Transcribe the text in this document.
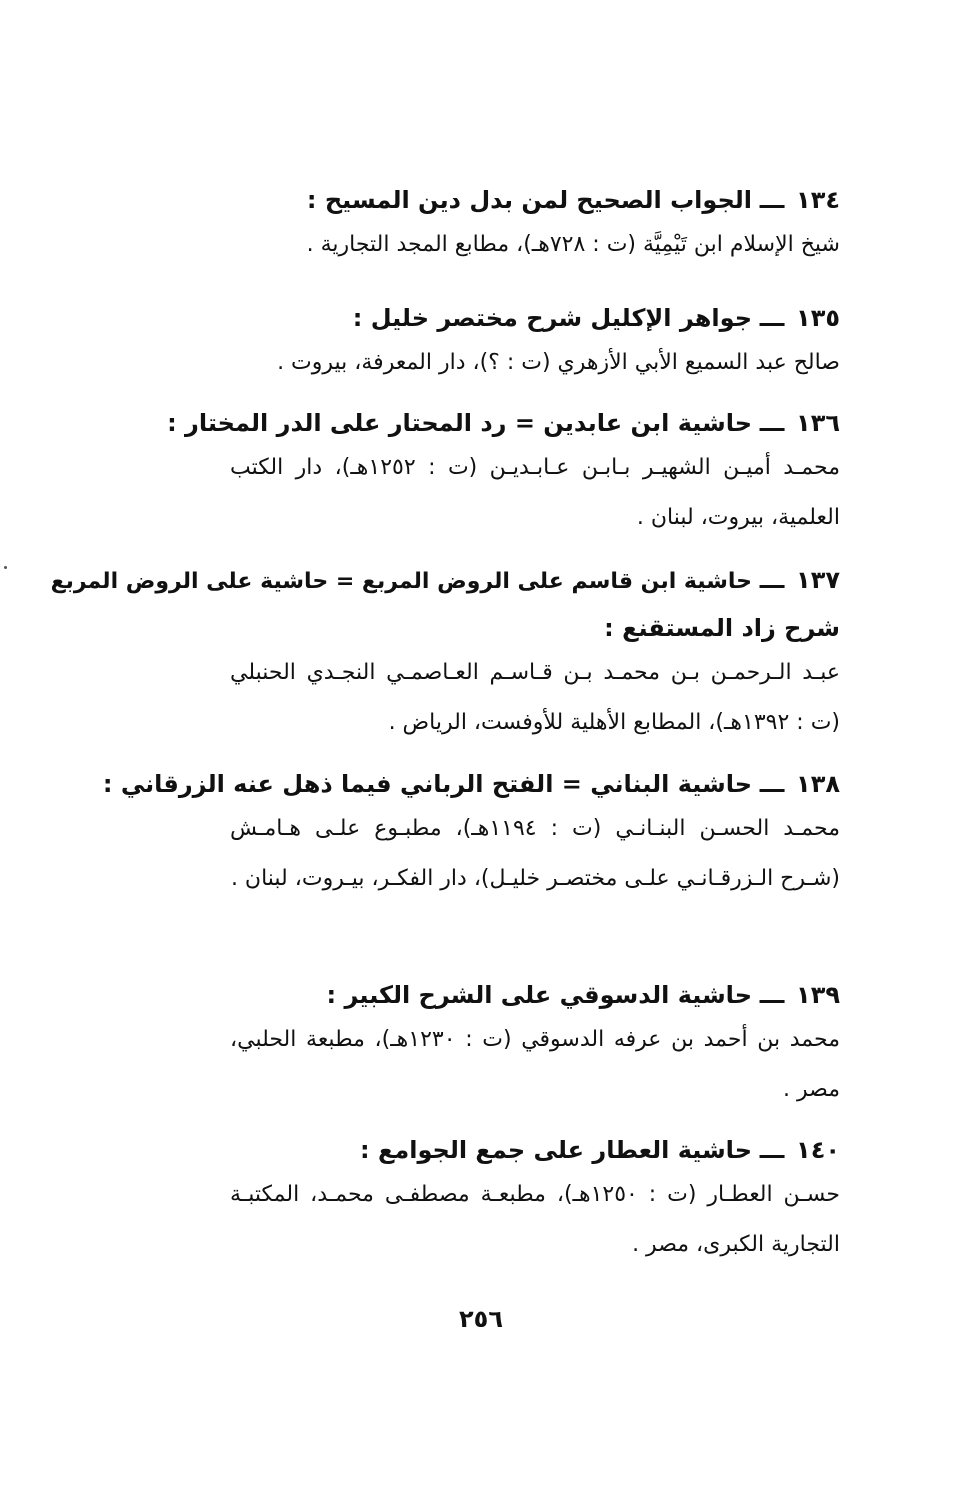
١٣٤
ـــ
الجواب الصحيح لمن بدل دين المسيح :
شيخ الإسلام ابن تَيْمِيَّة (ت : ٧٢٨هـ)، مطابع المجد التجارية .
١٣٥
ـــ
جواهر الإكليل شرح مختصر خليل :
صالح عبد السميع الأبي الأزهري (ت : ؟)، دار المعرفة، بيروت .
١٣٦
ـــ
حاشية ابن عابدين = رد المحتار على الدر المختار :
محمـد أميـن الشهيـر بـابـن عـابـديـن (ت : ١٢٥٢هـ)، دار الكتب العلمية، بيروت، لبنان .
١٣٧
ـــ
حاشية ابن قاسم على الروض المربع = حاشية على الروض المربع
شرح زاد المستقنع :
عبـد الـرحمـن بـن محمـد بـن قـاسـم العـاصمـي النجـدي الحنبلي (ت : ١٣٩٢هـ)، المطابع الأهلية للأوفست، الرياض .
١٣٨
ـــ
حاشية البناني = الفتح الرباني فيما ذهل عنه الزرقاني :
محمـد الحسـن البنـانـي (ت : ١١٩٤هـ)، مطبـوع علـى هـامـش (شـرح الـزرقـانـي علـى مختصـر خليـل)، دار الفكـر، بيـروت، لبنان .
١٣٩
ـــ
حاشية الدسوقي على الشرح الكبير :
محمد بن أحمد بن عرفه الدسوقي (ت : ١٢٣٠هـ)، مطبعة الحلبي، مصر .
١٤٠
ـــ
حاشية العطار على جمع الجوامع :
حسـن العطـار (ت : ١٢٥٠هـ)، مطبعـة مصطفـى محمـد، المكتبـة التجارية الكبرى، مصر .
٢٥٦
